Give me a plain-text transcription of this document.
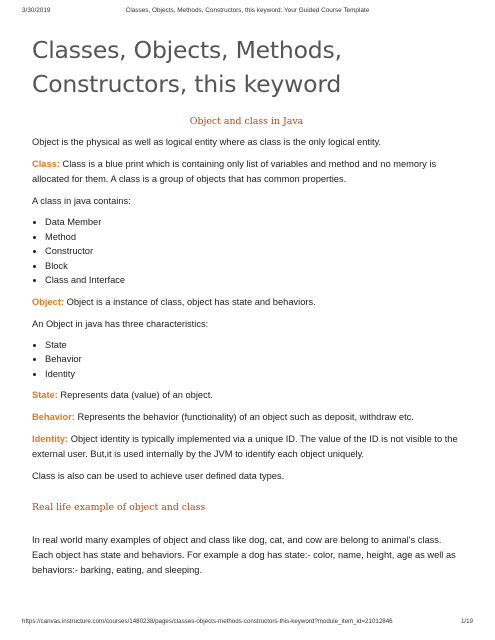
3/30/2019	Classes, Objects, Methods, Constructors, this keyword: Your Guided Course Template
Classes, Objects, Methods, Constructors, this keyword
Object and class in Java

Object is the physical as well as logical entity where as class is the only logical entity.

Class: Class is a blue print which is containing only list of variables and method and no memory is allocated for them. A class is a group of objects that has common properties.

A class in java contains:

• Data Member
• Method
• Constructor
• Block
• Class and Interface

Object: Object is a instance of class, object has state and behaviors.

An Object in java has three characteristics:

• State
• Behavior
• Identity

State: Represents data (value) of an object.

Behavior: Represents the behavior (functionality) of an object such as deposit, withdraw etc.

Identity: Object identity is typically implemented via a unique ID. The value of the ID is not visible to the external user. But,it is used internally by the JVM to identify each object uniquely.

Class is also can be used to achieve user defined data types.

Real life example of object and class

In real world many examples of object and class like dog, cat, and cow are belong to animal's class. Each object has state and behaviors. For example a dog has state:- color, name, height, age as well as behaviors:- barking, eating, and sleeping.

https://canvas.instructure.com/courses/1480238/pages/classes-objects-methods-constructors-this-keyword?module_item_id=21012846	1/19
